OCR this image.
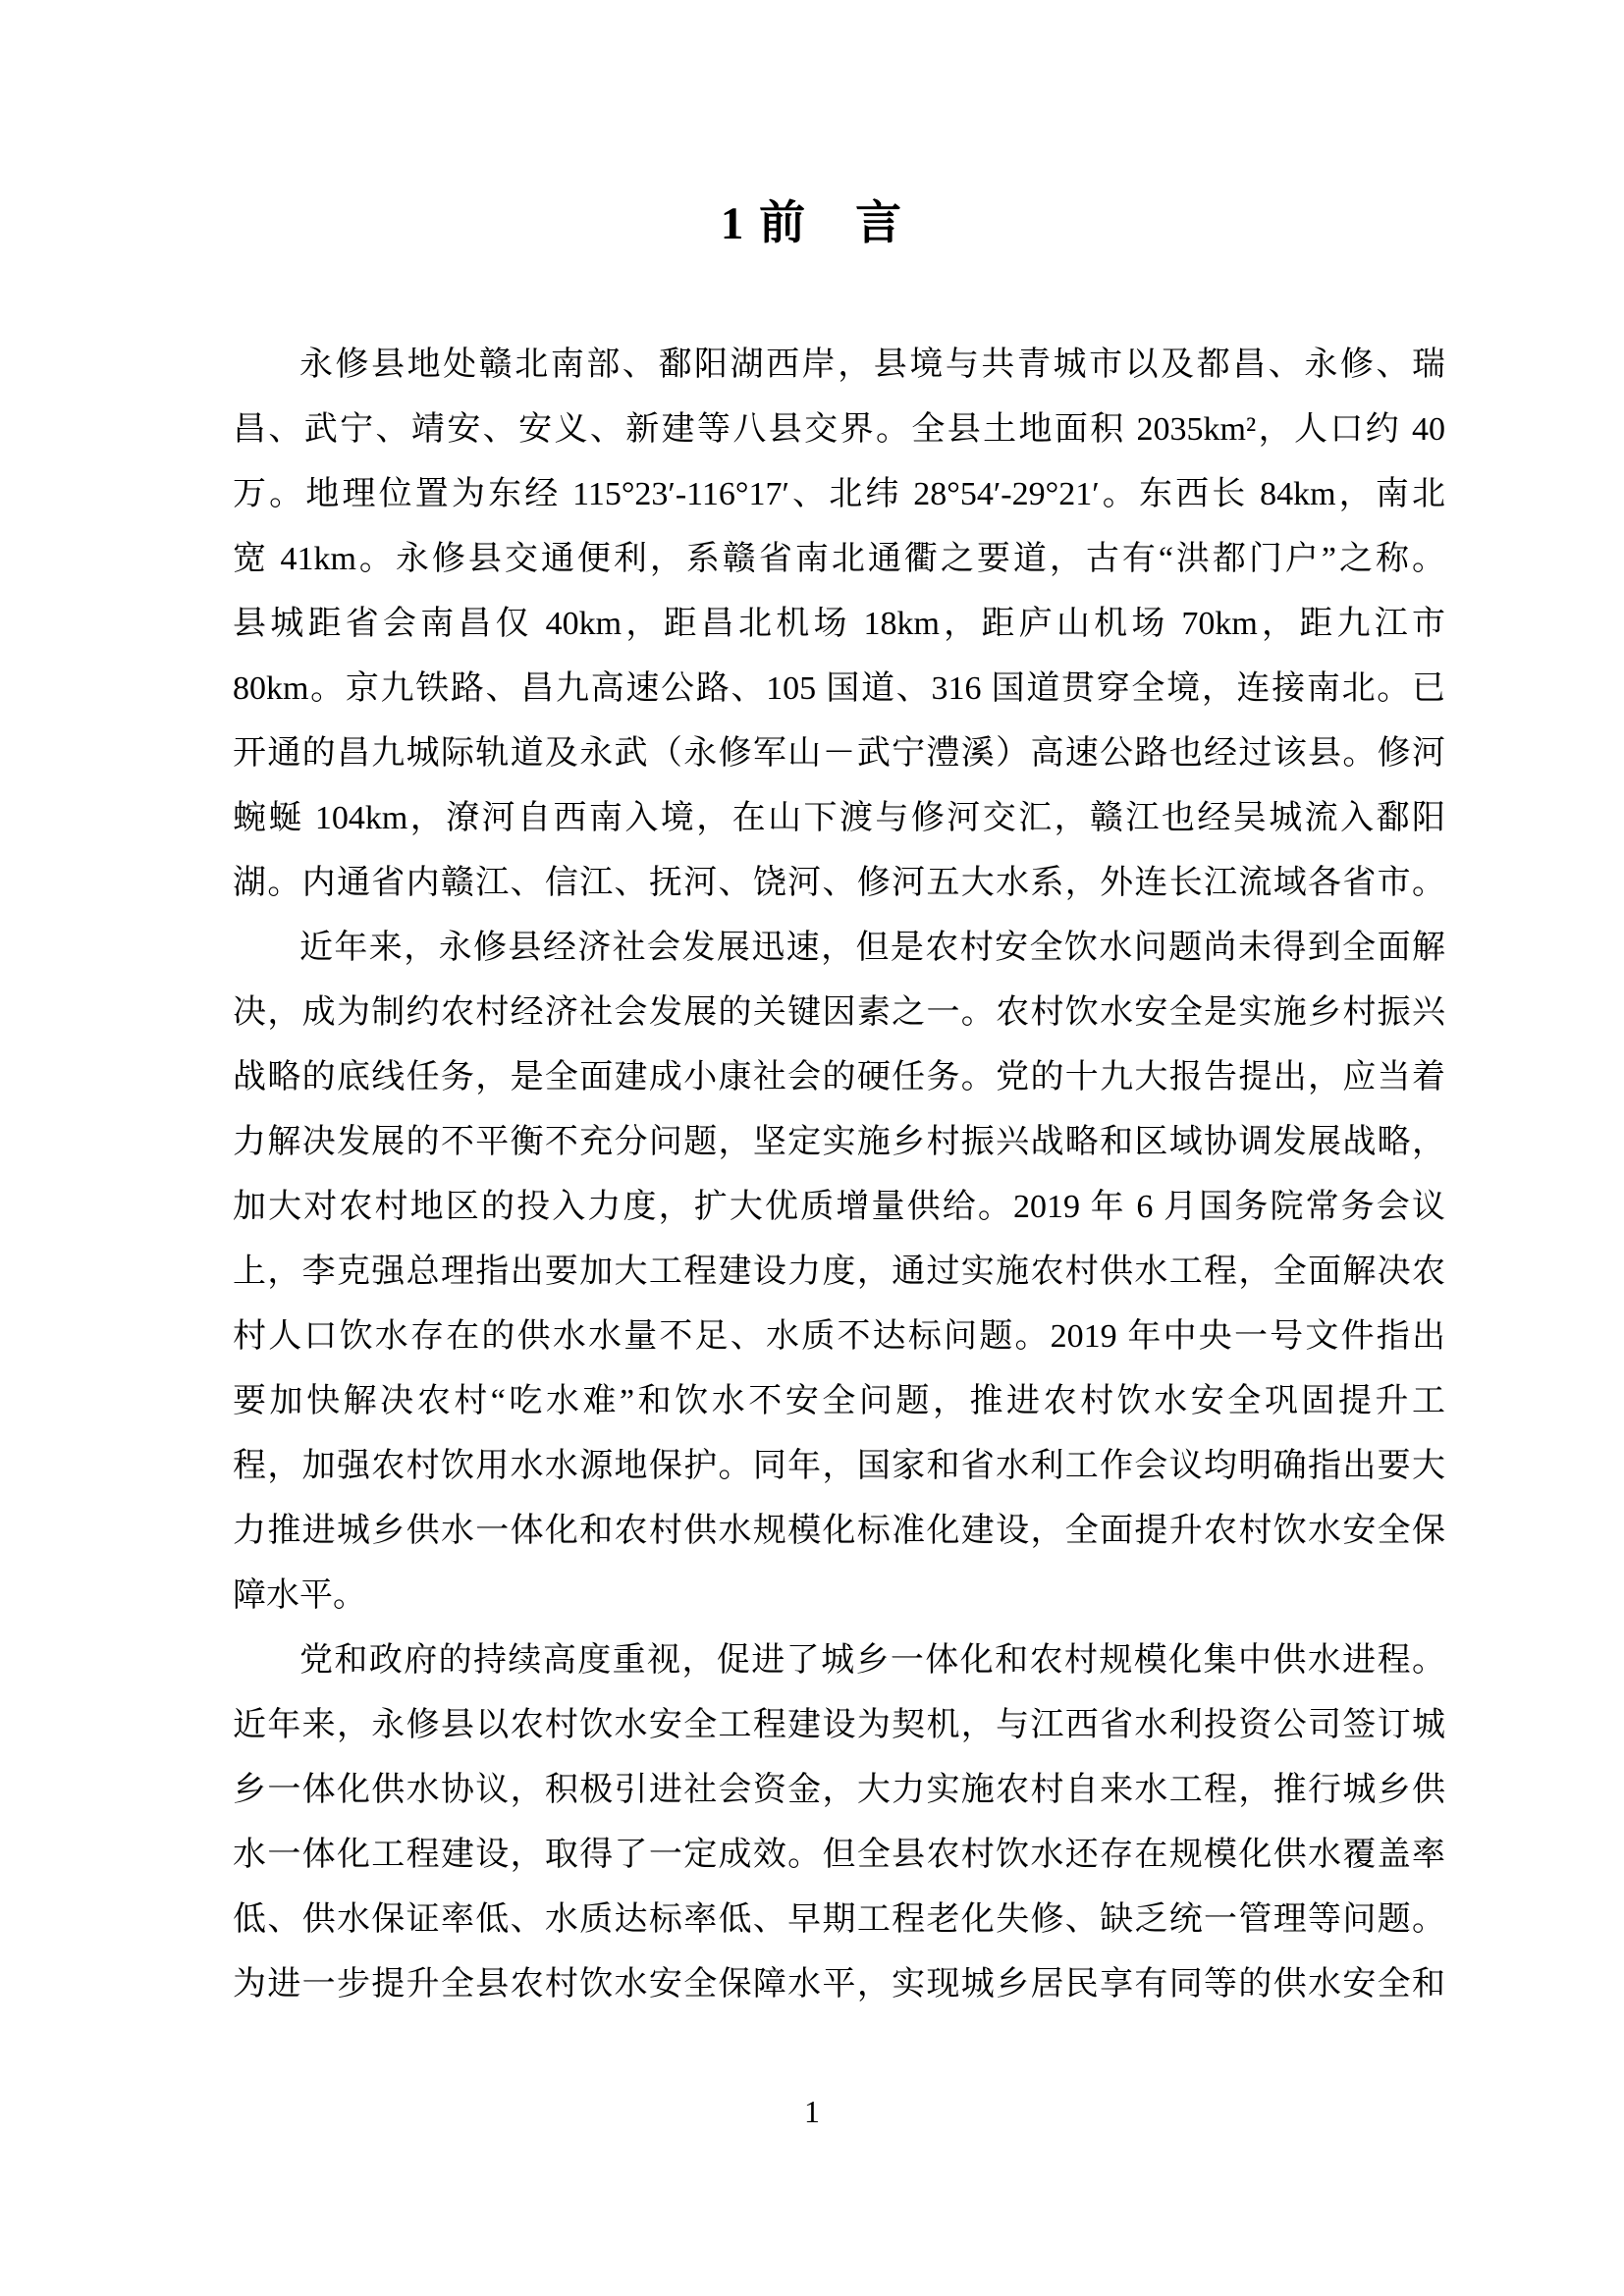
1 前　言
永修县地处赣北南部、鄱阳湖西岸，县境与共青城市以及都昌、永修、瑞
昌、武宁、靖安、安义、新建等八县交界。全县土地面积 2035km²，人口约 40
万。地理位置为东经 115°23′-116°17′、北纬 28°54′-29°21′。东西长 84km，南北
宽 41km。永修县交通便利，系赣省南北通衢之要道，古有“洪都门户”之称。
县城距省会南昌仅 40km，距昌北机场 18km，距庐山机场 70km，距九江市
80km。京九铁路、昌九高速公路、105 国道、316 国道贯穿全境，连接南北。已
开通的昌九城际轨道及永武（永修军山－武宁澧溪）高速公路也经过该县。修河
蜿蜒 104km，潦河自西南入境，在山下渡与修河交汇，赣江也经吴城流入鄱阳
湖。内通省内赣江、信江、抚河、饶河、修河五大水系，外连长江流域各省市。
近年来，永修县经济社会发展迅速，但是农村安全饮水问题尚未得到全面解
决，成为制约农村经济社会发展的关键因素之一。农村饮水安全是实施乡村振兴
战略的底线任务，是全面建成小康社会的硬任务。党的十九大报告提出，应当着
力解决发展的不平衡不充分问题，坚定实施乡村振兴战略和区域协调发展战略，
加大对农村地区的投入力度，扩大优质增量供给。2019 年 6 月国务院常务会议
上，李克强总理指出要加大工程建设力度，通过实施农村供水工程，全面解决农
村人口饮水存在的供水水量不足、水质不达标问题。2019 年中央一号文件指出
要加快解决农村“吃水难”和饮水不安全问题，推进农村饮水安全巩固提升工
程，加强农村饮用水水源地保护。同年，国家和省水利工作会议均明确指出要大
力推进城乡供水一体化和农村供水规模化标准化建设，全面提升农村饮水安全保
障水平。
党和政府的持续高度重视，促进了城乡一体化和农村规模化集中供水进程。
近年来，永修县以农村饮水安全工程建设为契机，与江西省水利投资公司签订城
乡一体化供水协议，积极引进社会资金，大力实施农村自来水工程，推行城乡供
水一体化工程建设，取得了一定成效。但全县农村饮水还存在规模化供水覆盖率
低、供水保证率低、水质达标率低、早期工程老化失修、缺乏统一管理等问题。
为进一步提升全县农村饮水安全保障水平，实现城乡居民享有同等的供水安全和
1
